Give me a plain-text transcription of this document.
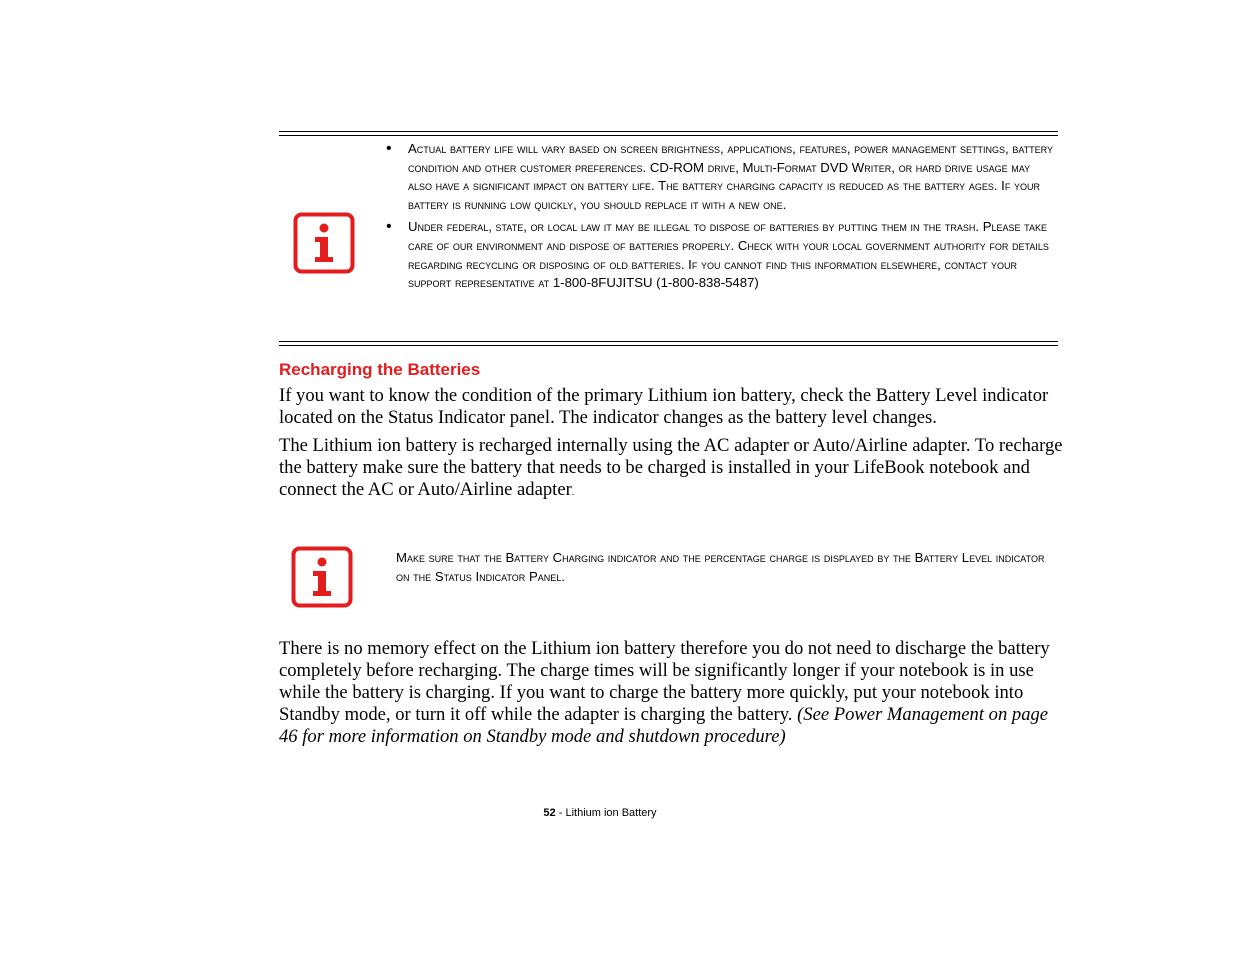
• Actual battery life will vary based on screen brightness, applications, features, power management settings, battery condition and other customer preferences. CD-ROM drive, Multi-Format DVD Writer, or hard drive usage may also have a significant impact on battery life. The battery charging capacity is reduced as the battery ages. If your battery is running low quickly, you should replace it with a new one.
• Under federal, state, or local law it may be illegal to dispose of batteries by putting them in the trash. Please take care of our environment and dispose of batteries properly. Check with your local government authority for details regarding recycling or disposing of old batteries. If you cannot find this information elsewhere, contact your support representative at 1-800-8FUJITSU (1-800-838-5487)
Recharging the Batteries

If you want to know the condition of the primary Lithium ion battery, check the Battery Level indicator located on the Status Indicator panel. The indicator changes as the battery level changes.

The Lithium ion battery is recharged internally using the AC adapter or Auto/Airline adapter. To recharge the battery make sure the battery that needs to be charged is installed in your LifeBook notebook and connect the AC or Auto/Airline adapter.

Make sure that the Battery Charging indicator and the percentage charge is displayed by the Battery Level indicator on the Status Indicator Panel.

There is no memory effect on the Lithium ion battery therefore you do not need to discharge the battery completely before recharging. The charge times will be significantly longer if your notebook is in use while the battery is charging. If you want to charge the battery more quickly, put your notebook into Standby mode, or turn it off while the adapter is charging the battery. (See Power Management on page 46 for more information on Standby mode and shutdown procedure)

52 - Lithium ion Battery
